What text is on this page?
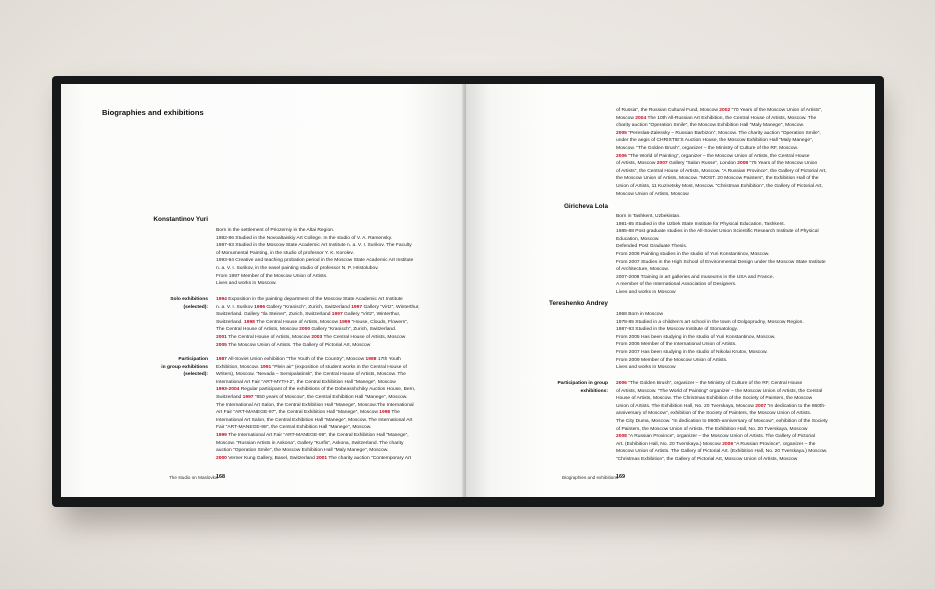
Biographies and exhibitions
Konstantinov Yuri
Born in the settlement of Priozerniy in the Altai Region.
1982-86 Studied in the Novoaltaiskiy Art College. In the studio of V. A. Ramensky.
1987-93 Studied in the Moscow State Academic Art Institute n. a. V. I. Surikov. The Faculty
of Monumental Painting, in the studio of professor Y. K. Korolev.
1993-94 Creative and teaching probation period in the Moscow State Academic Art Institute
n. a. V. I. Surikov, in the easel painting studio of professor N. P. Hristolubov.
From 1997 Member of the Moscow Union of Artists.
Lives and works in Moscow.
Solo exhibitions
(selected):
1994 Exposition in the painting department of the Moscow State Academic Art Institute
n. a. V. I. Surikov 1996 Gallery “Kranisch”, Zurich, Switzerland 1997 Gallery “Virtz”, Winterthur,
Switzerland. Gallery “Ila Steiner”, Zurich, Switzerland 1997 Gallery “Virtz”, Winterthur,
Switzerland. 1998 The Central House of Artists, Moscow 1999 “House, Clouds, Flowers”,
The Central House of Artists, Moscow 2000 Gallery “Kranisch”, Zurich, Switzerland.
2001 The Central House of Artists, Moscow 2003 The Central House of Artists, Moscow
2005 The Moscow Union of Artists. The Gallery of Pictorial Art, Moscow
Participation
in group exhibitions
(selected):
1987 All-Soviet Union exhibition “The Youth of the Country”, Moscow 1988 17th Youth
Exhibition, Moscow. 1991 “Plein air” (exposition of student works in the Central House of
Writers), Moscow. “Nevada – Semipalatinsk”, the Central House of Artists, Moscow. The
International Art Fair “ART-MYTH-2”, the Central Exhibition Hall “Manege”, Moscow
1993-2004 Regular participant of the exhibitions of the Dobeasshchiky Auction House, Bern,
Switzerland 1997 “850 years of Moscow”, the Central Exhibition Hall “Manege”, Moscow.
The International Art Salon, the Central Exhibition Hall “Manege”, Moscow.The International
Art Fair “ART-MANEGE-97”, the Central Exhibition Hall “Manege”, Moscow 1998 The
International Art Salon, the Central Exhibition Hall “Manege”, Moscow. The International Art
Fair “ART-MANEGE-98”, the Central Exhibition Hall “Manege”, Moscow.
1999 The International Art Fair “ART-MANEGE-99”, the Central Exhibition Hall “Manege”,
Moscow. “Russian Artists in Askona”, Gallery “Kurfis”, Askona, Switzerland. The charity
auction “Operation Smile”, the Moscow Exhibition Hall “Maly Manege”, Moscow.
2000 Verner Kung Gallery, Basel, Switzerland 2001 The charity auction “Contemporary Art
The studio on Maslovka
168
of Russia”, the Russian Cultural Fund, Moscow 2002 “70 Years of the Moscow Union of Artists”,
Moscow 2004 The 10th All-Russian Art Exhibition, the Central House of Artists, Moscow. The
charity auction “Operation Smile”, the Moscow Exhibition Hall “Maly Manege”, Moscow.
2005 “Pereslaв-Zalessky – Russian Barbizon”, Moscow. The charity auction “Operation Smile”,
under the aegis of CHRISTIE’S Auction House, the Moscow Exhibition Hall “Maly Manege”,
Moscow. “The Golden Brush”, organizer – the Ministry of Culture of the RF, Moscow.
2006 “The World of Painting”, organizer – the Moscow Union of Artists, the Central House
of Artists, Moscow 2007 Gallery “Salon Russe”, London 2008 “75 Years of the Moscow Union
of Artists”, the Central House of Artists, Moscow. “A Russian Province”, the Gallery of Pictorial Art,
the Moscow Union of Artists, Moscow. “MOST. 20 Moscow Painters”, the Exhibition Hall of the
Union of Artists, 11 Kuznetsky Most, Moscow. “Christmas Exhibition”, the Gallery of Pictorial Art,
Moscow Union of Artists, Moscow
Giricheva Lola
Born in Tashkent, Uzbekistan.
1981-85 Studied in the Uzbek State Institute for Physical Education, Tashkent.
1985-88 Post graduate studies in the All-Soviet Union Scientific Research Institute of Physical
Education, Moscow.
Defended Post Graduate Thesis.
From 2006 Painting studies in the studio of Yuri Konstantinov, Moscow.
From 2007 Studies in the High School of Environmental Design under the Moscow State Institute
of Architecture, Moscow.
2007-2008 Training in art galleries and museums in the USA and France.
A member of the International Association of Designers.
Lives and works in Moscow
Tereshenko Andrey
1968 Born in Moscow
1978-85 Studied in a children’s art school in the town of Dolgoprudny, Moscow Region.
1987-93 Studied in the Moscow Institute of Stomatology.
From 2005 Has been studying in the studio of Yuri Konstantinov, Moscow.
From 2006 Member of the International Union of Artists.
From 2007 Has been studying in the studio of Nikolai Krutov, Moscow.
From 2009 Member of the Moscow Union of Artists.
Lives and works in Moscow
Participation in group
exhibitions:
2006 “The Golden Brush”, organizer – the Ministry of Culture of the RF, Central House
of Artists, Moscow. “The World of Painting” organizer – the Moscow Union of Artists, the Central
House of Artists, Moscow. The Christmas Exhibition of the Society of Painters, the Moscow
Union of Artists. The Exhibition Hall, No. 20 Tverskaya, Moscow 2007 “In dedication to the 860th-
anniversary of Moscow”, exhibition of the Society of Painters, the Moscow Union of Artists.
The City Duma, Moscow. “In dedication to 860th-anniversary of Moscow”, exhibition of the Society
of Painters, the Moscow Union of Artists. The Exhibition Hall, No. 20 Tverskaya, Moscow
2008 “A Russian Province”, organizer – the Moscow Union of Artists. The Gallery of Pictorial
Art. (Exhibition Hall, No. 20 Tverskaya.) Moscow 2009 “A Russian Province”, organizer – the
Moscow Union of Artists. The Gallery of Pictorial Art. (Exhibition Hall, No. 20 Tverskaya.) Moscow.
“Christmas Exhibition”, the Gallery of Pictorial Art, Moscow Union of Artists, Moscow
Biographies and exhibitions
169
